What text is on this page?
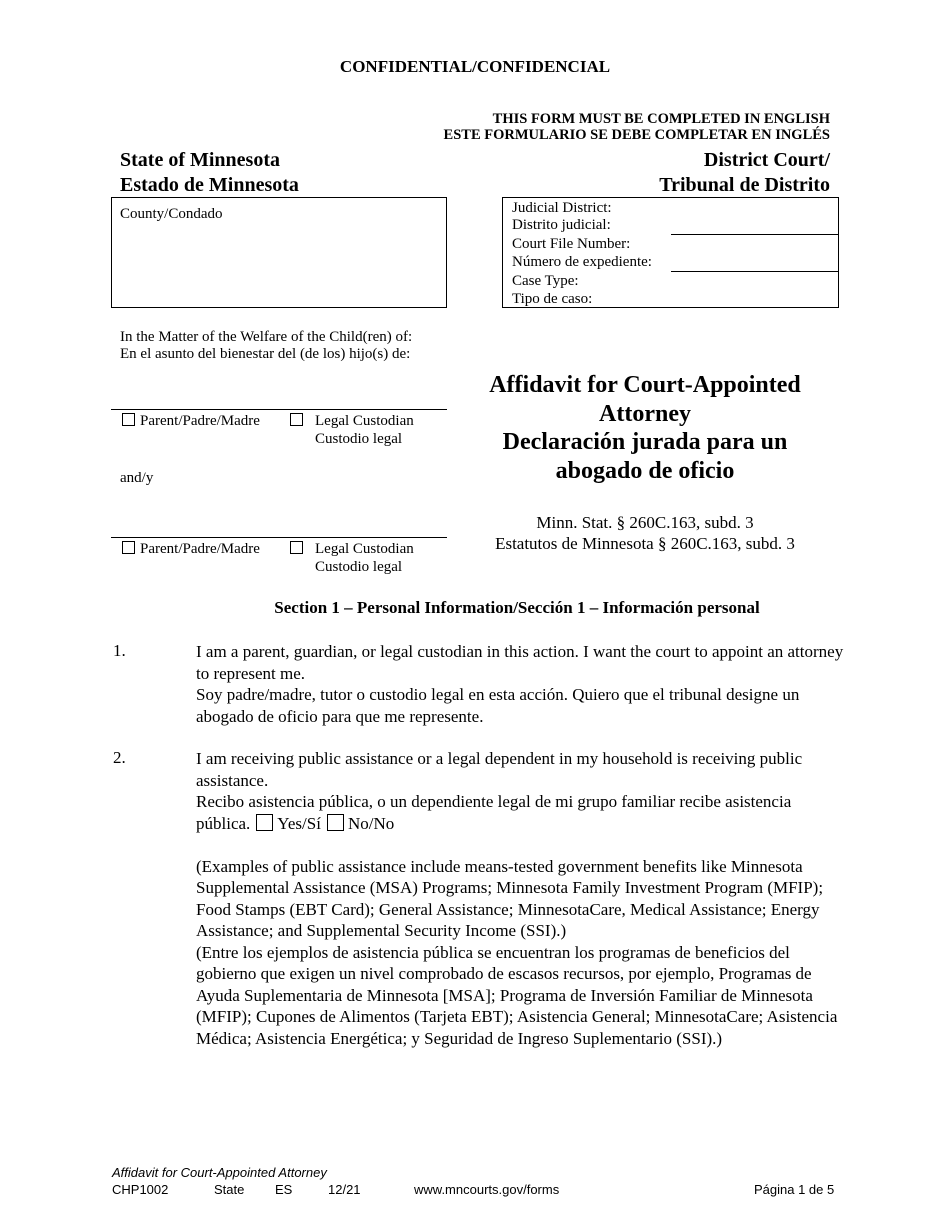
CONFIDENTIAL/CONFIDENCIAL
THIS FORM MUST BE COMPLETED IN ENGLISH
ESTE FORMULARIO SE DEBE COMPLETAR EN INGLÉS
State of Minnesota
Estado de Minnesota
District Court/
Tribunal de Distrito
County/Condado	Judicial District:
Distrito judicial:
Court File Number:
Número de expediente:
Case Type:
Tipo de caso:
In the Matter of the Welfare of the Child(ren) of:
En el asunto del bienestar del (de los) hijo(s) de:
Parent/Padre/Madre	Legal Custodian
Custodio legal
and/y
Parent/Padre/Madre	Legal Custodian
Custodio legal
Affidavit for Court-Appointed
Attorney
Declaración jurada para un
abogado de oficio
Minn. Stat. § 260C.163, subd. 3
Estatutos de Minnesota § 260C.163, subd. 3
Section 1 – Personal Information/Sección 1 – Información personal
1.	I am a parent, guardian, or legal custodian in this action. I want the court to appoint an attorney to represent me.
Soy padre/madre, tutor o custodio legal en esta acción. Quiero que el tribunal designe un abogado de oficio para que me represente.
2.	I am receiving public assistance or a legal dependent in my household is receiving public assistance.
Recibo asistencia pública, o un dependiente legal de mi grupo familiar recibe asistencia pública. Yes/Sí No/No
(Examples of public assistance include means-tested government benefits like Minnesota Supplemental Assistance (MSA) Programs; Minnesota Family Investment Program (MFIP); Food Stamps (EBT Card); General Assistance; MinnesotaCare, Medical Assistance; Energy Assistance; and Supplemental Security Income (SSI).)
(Entre los ejemplos de asistencia pública se encuentran los programas de beneficios del gobierno que exigen un nivel comprobado de escasos recursos, por ejemplo, Programas de Ayuda Suplementaria de Minnesota [MSA]; Programa de Inversión Familiar de Minnesota (MFIP); Cupones de Alimentos (Tarjeta EBT); Asistencia General; MinnesotaCare; Asistencia Médica; Asistencia Energética; y Seguridad de Ingreso Suplementario (SSI).)
Affidavit for Court-Appointed Attorney
CHP1002	State ES	12/21	www.mncourts.gov/forms	Página 1 de 5
